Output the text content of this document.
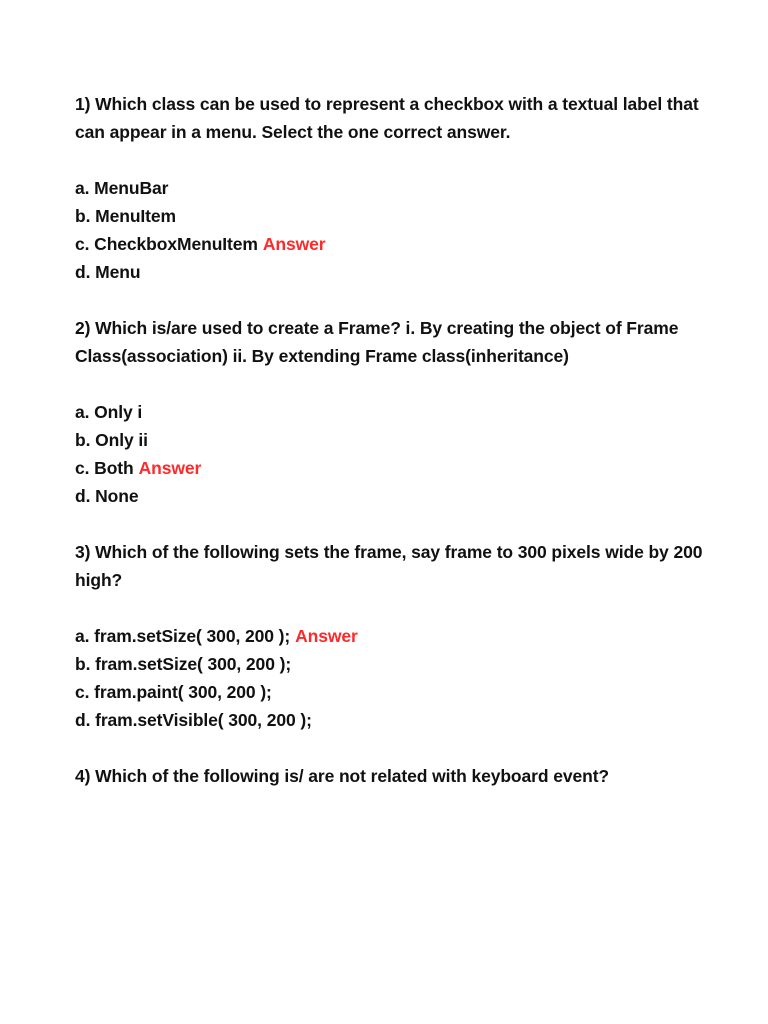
1) Which class can be used to represent a checkbox with a textual label that can appear in a menu. Select the one correct answer.

a. MenuBar
b. MenuItem
c. CheckboxMenuItem Answer
d. Menu

2) Which is/are used to create a Frame? i. By creating the object of Frame Class(association) ii. By extending Frame class(inheritance)

a. Only i
b. Only ii
c. Both Answer
d. None

3) Which of the following sets the frame, say frame to 300 pixels wide by 200 high?

a. fram.setSize( 300, 200 ); Answer
b. fram.setSize( 300, 200 );
c. fram.paint( 300, 200 );
d. fram.setVisible( 300, 200 );

4) Which of the following is/ are not related with keyboard event?
